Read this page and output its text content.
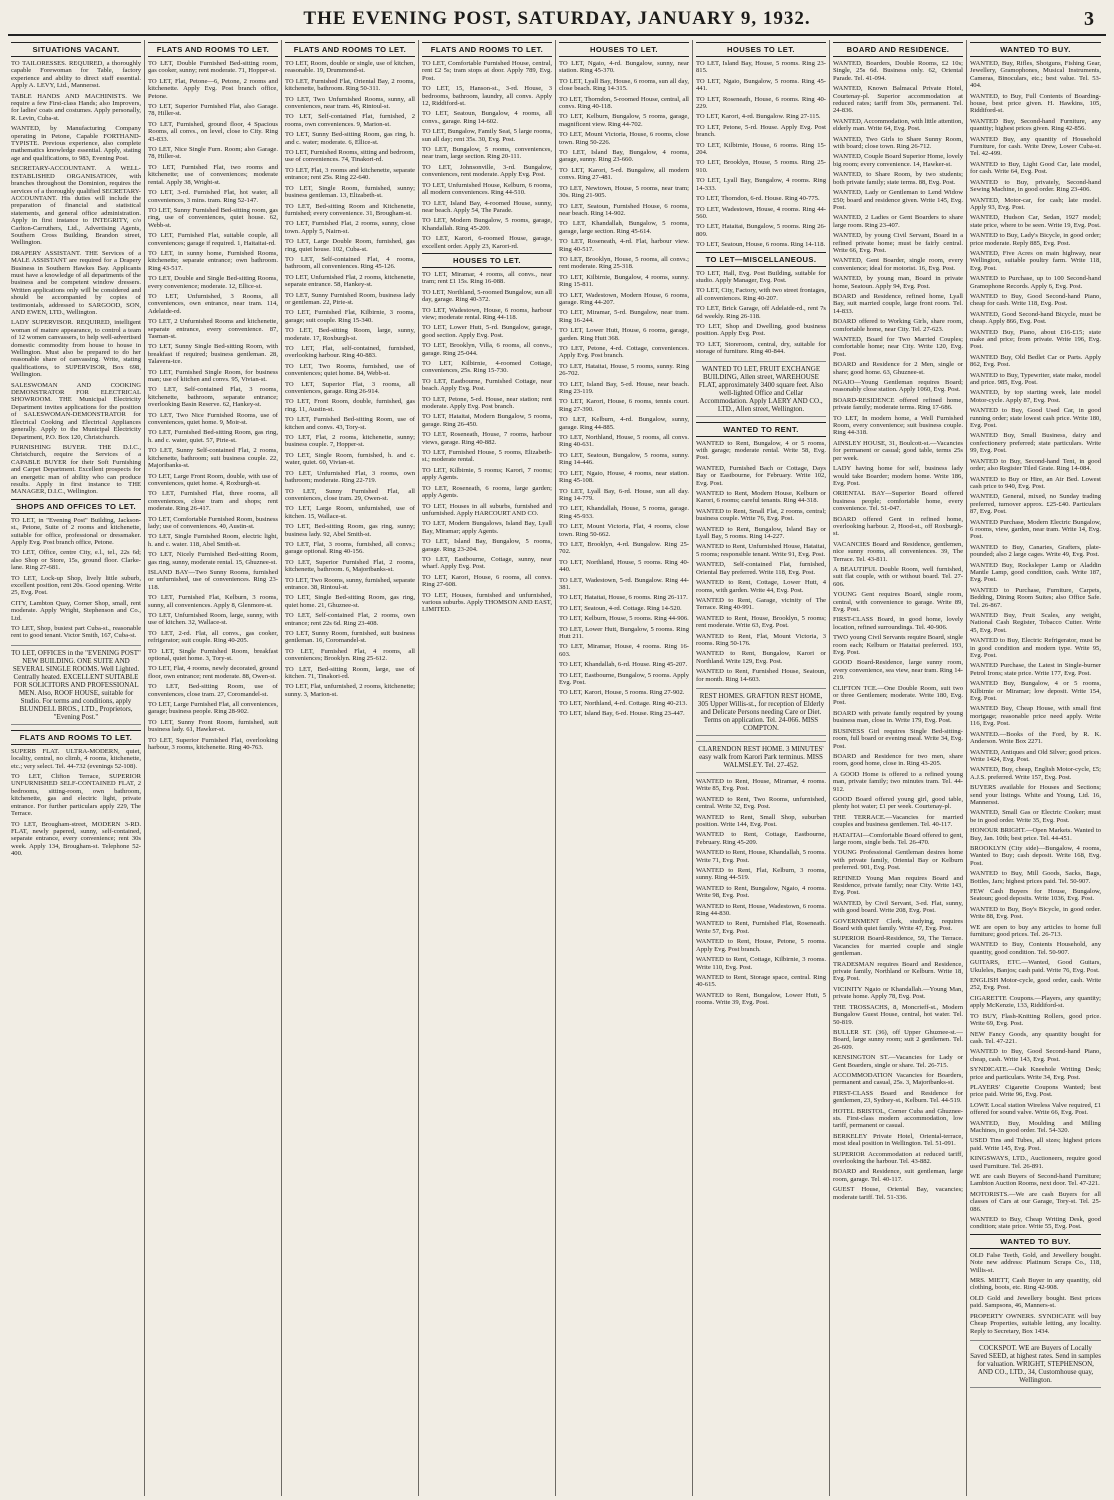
THE EVENING POST, SATURDAY, JANUARY 9, 1932.	3
SITUATIONS VACANT.

TO TAILORESSES. REQUIRED, a thoroughly capable Forewoman for Table, factory experience and ability to direct staff essential. Apply A. LEVY, Ltd., Mannersst.

TABLE HANDS AND MACHINISTS. We require a few First-class Hands; also Improvers, for ladies' coats and costumes. Apply personally, R. Levin, Cuba-st.

WANTED, by Manufacturing Company operating in Petone, Capable FORTHAND-TYPISTE. Previous experience, also complete mathematics knowledge essential. Apply, stating age and qualifications, to 983, Evening Post.

SECRETARY-ACCOUNTANT. A WELL-ESTABLISHED ORGANISATION, with branches throughout the Dominion, requires the services of a thoroughly qualified SECRETARY-ACCOUNTANT. His duties will include the preparation of financial and statistical statements, and general office administration. Apply in first instance to INTEGRITY, c/o Carlton-Carruthers, Ltd., Advertising Agents, Southern Cross Building, Brandon street, Wellington.

DRAPERY ASSISTANT. THE Services of a MALE ASSISTANT are required for a Drapery Business in Southern Hawkes Bay. Applicants must have a knowledge of all departments of the business and be competent window dressers. Written applications only will be considered and should be accompanied by copies of testimonials, addressed to SARGOOD, SON, AND EWEN, LTD., Wellington.

LADY SUPERVISOR. REQUIRED, intelligent woman of mature appearance, to control a team of 12 women canvassers, to help well-advertised domestic commodity from house to house in Wellington. Must also be prepared to do her reasonable share of canvassing. Write, stating qualifications, to SUPERVISOR, Box 698, Wellington.

SALESWOMAN AND COOKING DEMONSTRATOR FOR ELECTRICAL SHOWROOM. THE Municipal Electricity Department invites applications for the position of SALESWOMAN-DEMONSTRATOR for Electrical Cooking and Electrical Appliances generally. Apply to the Municipal Electricity Department, P.O. Box 120, Christchurch.

FURNISHING BUYER. THE D.I.C., Christchurch, require the Services of a CAPABLE BUYER for their Soft Furnishing and Carpet Department. Excellent prospects for an energetic man of ability who can produce results. Apply in first instance to THE MANAGER, D.I.C., Wellington.

SHOPS AND OFFICES TO LET.

TO LET, in "Evening Post" Building, Jackson-st., Petone, Suite of 2 rooms and kitchenette, suitable for office, professional or dressmaker. Apply Evg. Post branch office, Petone.

TO LET, Office, centre City, e.l., tel., 22s 6d; also Shop or Store, 15s, ground floor. Clarke-lane. Ring 27-681.

TO LET, Lock-up Shop, lively little suburb, excellent position, rent 20s. Good opening. Write 25, Evg. Post.

CITY, Lambton Quay, Corner Shop, small, rent moderate. Apply Wright, Stephenson and Co., Ltd.

TO LET, Shop, busiest part Cuba-st., reasonable rent to good tenant. Victor Smith, 167, Cuba-st.

TO LET, OFFICES in the "EVENING POST" NEW BUILDING. ONE SUITE AND SEVERAL SINGLE ROOMS. Well Lighted. Centrally heated. EXCELLENT SUITABLE FOR SOLICITORS AND PROFESSIONAL MEN. Also, ROOF HOUSE, suitable for Studio. For terms and conditions, apply BLUNDELL BROS., LTD., Proprietors, "Evening Post."
FLATS AND ROOMS TO LET.

SUPERB FLAT. ULTRA-MODERN, quiet, locality, central, no climb, 4 rooms, kitchenette, etc.; very select. Tel. 44-732 (evenings 52-108).

TO LET, Clifton Terrace, SUPERIOR UNFURNISHED SELF-CONTAINED FLAT, 2 bedrooms, sitting-room, own bathroom, kitchenette, gas and electric light, private entrance. For further particulars apply 229, The Terrace.

TO LET, Brougham-street, MODERN 3-RD. FLAT, newly papered, sunny, self-contained, separate entrance, every convenience; rent 30s week. Apply 134, Brougham-st. Telephone 52-400.

FLATS AND ROOMS TO LET.

TO LET, Double Furnished Bed-sitting room, gas cooker, sunny; rent moderate. 71, Hopper-st.

TO LET, Flat, Petone—6, Petone, 2 rooms and kitchenette. Apply Evg. Post branch office, Petone.

TO LET, Superior Furnished Flat, also Garage. 78, Hiller-st.

TO LET, Furnished, ground floor, 4 Spacious Rooms, all convs., on level, close to City. Ring 43-833.

TO LET, Nice Single Furn. Room; also Garage. 78, Hiller-st.

TO LET, Furnished Flat, two rooms and kitchenette; use of conveniences; moderate rental. Apply 38, Wright-st.

TO LET, 3-rd. Furnished Flat, hot water, all conveniences, 3 mins. tram. Ring 52-147.

TO LET, Sunny Furnished Bed-sitting room, gas ring, use of conveniences, quiet house. 62, Webb-st.

TO LET, Furnished Flat, suitable couple, all conveniences; garage if required. 1, Haitaitai-rd.

TO LET, in sunny home, Furnished Rooms, kitchenette; separate entrance; own bathroom. Ring 43-517.

TO LET, Double and Single Bed-sitting Rooms, every convenience; moderate. 12, Ellice-st.

TO LET, Unfurnished, 3 Rooms, all conveniences, own entrance, near tram. 114, Adelaide-rd.

TO LET, 2 Unfurnished Rooms and kitchenette, separate entrance, every convenience. 87, Tasman-st.

TO LET, Sunny Single Bed-sitting Room, with breakfast if required; business gentleman. 28, Talavera-tce.

TO LET, Furnished Single Room, for business man; use of kitchen and convs. 95, Vivian-st.

TO LET, Self-contained Flat, 3 rooms, kitchenette, bathroom, separate entrance; overlooking Basin Reserve. 62, Hankey-st.

TO LET, Two Nice Furnished Rooms, use of conveniences, quiet home. 9, Moir-st.

TO LET, Furnished Bed-sitting Room, gas ring, h. and c. water, quiet. 57, Pirie-st.

TO LET, Sunny Self-contained Flat, 2 rooms, kitchenette, bathroom; suit business couple. 22, Majoribanks-st.

TO LET, Large Front Room, double, with use of conveniences, quiet home. 4, Roxburgh-st.

TO LET, Furnished Flat, three rooms, all conveniences, close tram and shops; rent moderate. Ring 26-417.

TO LET, Comfortable Furnished Room, business lady; use of conveniences. 40, Austin-st.

TO LET, Single Furnished Room, electric light, h. and c. water. 118, Abel Smith-st.

TO LET, Nicely Furnished Bed-sitting Room, gas ring, sunny, moderate rental. 15, Ghuznee-st.

ISLAND BAY—Two Sunny Rooms, furnished or unfurnished, use of conveniences. Ring 23-118.

TO LET, Furnished Flat, Kelburn, 3 rooms, sunny, all conveniences. Apply 8, Glenmore-st.

TO LET, Unfurnished Room, large, sunny, with use of kitchen. 32, Wallace-st.

TO LET, 2-rd. Flat, all convs., gas cooker, refrigerator; suit couple. Ring 40-205.

TO LET, Single Furnished Room, breakfast optional, quiet home. 3, Tory-st.

TO LET, Flat, 4 rooms, newly decorated, ground floor, own entrance; rent moderate. 88, Owen-st.

TO LET, Bed-sitting Room, use of conveniences, close tram. 27, Coromandel-st.

TO LET, Large Furnished Flat, all conveniences, garage; business people. Ring 28-902.

TO LET, Sunny Front Room, furnished, suit business lady. 61, Hawker-st.

TO LET, Superior Furnished Flat, overlooking harbour, 3 rooms, kitchenette. Ring 40-763.

FLATS AND ROOMS TO LET.

TO LET, Room, double or single, use of kitchen, reasonable. 19, Drummond-st.

TO LET, Furnished Flat, Oriental Bay, 2 rooms, kitchenette, bathroom. Ring 50-311.

TO LET, Two Unfurnished Rooms, sunny, all conveniences, near tram. 46, Rintoul-st.

TO LET, Self-contained Flat, furnished, 2 rooms, own conveniences. 9, Marion-st.

TO LET, Sunny Bed-sitting Room, gas ring, h. and c. water; moderate. 6, Ellice-st.

TO LET, Furnished Rooms, sitting and bedroom, use of conveniences. 74, Tinakori-rd.

TO LET, Flat, 3 rooms and kitchenette, separate entrance; rent 25s. Ring 22-640.

TO LET, Single Room, furnished, sunny; business gentleman. 13, Elizabeth-st.

TO LET, Bed-sitting Room and Kitchenette, furnished; every convenience. 31, Brougham-st.

TO LET, Furnished Flat, 2 rooms, sunny, close town. Apply 5, Nairn-st.

TO LET, Large Double Room, furnished, gas ring, quiet house. 102, Cuba-st.

TO LET, Self-contained Flat, 4 rooms, bathroom, all conveniences. Ring 45-126.

TO LET, Unfurnished Flat, 2 rooms, kitchenette, separate entrance. 58, Hankey-st.

TO LET, Sunny Furnished Room, business lady or gentleman. 22, Pirie-st.

TO LET, Furnished Flat, Kilbirnie, 3 rooms, garage; suit couple. Ring 15-340.

TO LET, Bed-sitting Room, large, sunny, moderate. 17, Roxburgh-st.

TO LET, Flat, self-contained, furnished, overlooking harbour. Ring 40-883.

TO LET, Two Rooms, furnished, use of conveniences; quiet home. 84, Webb-st.

TO LET, Superior Flat, 3 rooms, all conveniences, garage. Ring 26-914.

TO LET, Front Room, double, furnished, gas ring. 11, Austin-st.

TO LET, Furnished Bed-sitting Room, use of kitchen and convs. 43, Tory-st.

TO LET, Flat, 2 rooms, kitchenette, sunny; business couple. 7, Hopper-st.

TO LET, Single Room, furnished, h. and c. water, quiet. 60, Vivian-st.

TO LET, Unfurnished Flat, 3 rooms, own bathroom; moderate. Ring 22-719.

TO LET, Sunny Furnished Flat, all conveniences, close tram. 29, Owen-st.

TO LET, Large Room, unfurnished, use of kitchen. 15, Wallace-st.

TO LET, Bed-sitting Room, gas ring, sunny; business lady. 92, Abel Smith-st.

TO LET, Flat, 3 rooms, furnished, all convs.; garage optional. Ring 40-156.

TO LET, Superior Furnished Flat, 2 rooms, kitchenette, bathroom. 6, Majoribanks-st.

TO LET, Two Rooms, sunny, furnished, separate entrance. 38, Rintoul-st.

TO LET, Single Bed-sitting Room, gas ring, quiet home. 21, Ghuznee-st.

TO LET, Self-contained Flat, 2 rooms, own entrance; rent 22s 6d. Ring 23-408.

TO LET, Sunny Room, furnished, suit business gentleman. 16, Coromandel-st.

TO LET, Furnished Flat, 4 rooms, all conveniences; Brooklyn. Ring 25-612.

TO LET, Bed-sitting Room, large, use of kitchen. 71, Tinakori-rd.

TO LET, Flat, unfurnished, 2 rooms, kitchenette; sunny. 3, Marion-st.

FLATS AND ROOMS TO LET.

TO LET, Comfortable Furnished House, central, rent £2 5s; tram stops at door. Apply 789, Evg. Post.

TO LET, 15, Hanson-st., 3-rd. House, 3 bedrooms, bathroom, laundry, all convs. Apply 12, Riddiford-st.

TO LET, Seatoun, Bungalow, 4 rooms, all convs., garage. Ring 14-602.

TO LET, Bungalow, Family Seat, 5 large rooms, sun all day; rent 35s. 30, Evg. Post.

TO LET, Bungalow, 5 rooms, conveniences, near tram, large section. Ring 20-111.

TO LET, Johnsonville, 3-rd. Bungalow, conveniences, rent moderate. Apply Evg. Post.

TO LET, Unfurnished House, Kelburn, 6 rooms, all modern conveniences. Ring 44-510.

TO LET, Island Bay, 4-roomed House, sunny, near beach. Apply 54, The Parade.

TO LET, Modern Bungalow, 5 rooms, garage, Khandallah. Ring 45-209.

TO LET, Karori, 6-roomed House, garage, excellent order. Apply 23, Karori-rd.

HOUSES TO LET.

TO LET, Miramar, 4 rooms, all convs., near tram; rent £1 15s. Ring 16-088.

TO LET, Northland, 5-roomed Bungalow, sun all day, garage. Ring 40-372.

TO LET, Wadestown, House, 6 rooms, harbour view; moderate rental. Ring 44-118.

TO LET, Lower Hutt, 5-rd. Bungalow, garage, good section. Apply Evg. Post.

TO LET, Brooklyn, Villa, 6 rooms, all convs., garage. Ring 25-044.

TO LET, Kilbirnie, 4-roomed Cottage, conveniences, 25s. Ring 15-730.

TO LET, Eastbourne, Furnished Cottage, near beach. Apply Evg. Post.

TO LET, Petone, 5-rd. House, near station; rent moderate. Apply Evg. Post branch.

TO LET, Hataitai, Modern Bungalow, 5 rooms, garage. Ring 26-450.

TO LET, Roseneath, House, 7 rooms, harbour views, garage. Ring 40-882.

TO LET, Furnished House, 5 rooms, Elizabeth-st.; moderate rental.

TO LET, Kilbirnie, 5 rooms; Karori, 7 rooms; apply Agents.

TO LET, Roseneath, 6 rooms, large garden; apply Agents.

TO LET, Houses in all suburbs, furnished and unfurnished. Apply HARCOURT AND CO.

TO LET, Modern Bungalows, Island Bay, Lyall Bay, Miramar; apply Agents.

TO LET, Island Bay, Bungalow, 5 rooms, garage. Ring 23-204.

TO LET, Eastbourne, Cottage, sunny, near wharf. Apply Evg. Post.

TO LET, Karori, House, 6 rooms, all convs. Ring 27-608.

TO LET, Houses, furnished and unfurnished, various suburbs. Apply THOMSON AND EAST, LIMITED.

HOUSES TO LET.

TO LET, Ngaio, 4-rd. Bungalow, sunny, near station. Ring 45-370.

TO LET, Lyall Bay, House, 6 rooms, sun all day, close beach. Ring 14-315.

TO LET, Thorndon, 5-roomed House, central, all convs. Ring 40-118.

TO LET, Kelburn, Bungalow, 5 rooms, garage, magnificent view. Ring 44-702.

TO LET, Mount Victoria, House, 6 rooms, close town. Ring 50-226.

TO LET, Island Bay, Bungalow, 4 rooms, garage, sunny. Ring 23-660.

TO LET, Karori, 5-rd. Bungalow, all modern convs. Ring 27-481.

TO LET, Newtown, House, 5 rooms, near tram; 30s. Ring 21-905.

TO LET, Seatoun, Furnished House, 6 rooms, near beach. Ring 14-902.

TO LET, Khandallah, Bungalow, 5 rooms, garage, large section. Ring 45-614.

TO LET, Roseneath, 4-rd. Flat, harbour view. Ring 40-517.

TO LET, Brooklyn, House, 5 rooms, all convs.; rent moderate. Ring 25-318.

TO LET, Kilbirnie, Bungalow, 4 rooms, sunny. Ring 15-811.

TO LET, Wadestown, Modern House, 6 rooms, garage. Ring 44-207.

TO LET, Miramar, 5-rd. Bungalow, near tram. Ring 16-244.

TO LET, Lower Hutt, House, 6 rooms, garage, garden. Ring Hutt 368.

TO LET, Petone, 4-rd. Cottage, conveniences. Apply Evg. Post branch.

TO LET, Hataitai, House, 5 rooms, sunny. Ring 26-702.

TO LET, Island Bay, 5-rd. House, near beach. Ring 23-119.

TO LET, Karori, House, 6 rooms, tennis court. Ring 27-390.

TO LET, Kelburn, 4-rd. Bungalow, sunny, garage. Ring 44-885.

TO LET, Northland, House, 5 rooms, all convs. Ring 40-631.

TO LET, Seatoun, Bungalow, 5 rooms, sunny. Ring 14-446.

TO LET, Ngaio, House, 4 rooms, near station. Ring 45-108.

TO LET, Lyall Bay, 6-rd. House, sun all day. Ring 14-779.

TO LET, Khandallah, House, 5 rooms, garage. Ring 45-933.

TO LET, Mount Victoria, Flat, 4 rooms, close town. Ring 50-662.

TO LET, Brooklyn, 4-rd. Bungalow. Ring 25-702.

TO LET, Northland, House, 5 rooms. Ring 40-440.

TO LET, Wadestown, 5-rd. Bungalow. Ring 44-381.

TO LET, Hataitai, House, 6 rooms. Ring 26-117.

TO LET, Seatoun, 4-rd. Cottage. Ring 14-520.

TO LET, Kelburn, House, 5 rooms. Ring 44-906.

TO LET, Lower Hutt, Bungalow, 5 rooms. Ring Hutt 211.

TO LET, Miramar, House, 4 rooms. Ring 16-603.

TO LET, Khandallah, 6-rd. House. Ring 45-207.

TO LET, Eastbourne, Bungalow, 5 rooms. Apply Evg. Post.

TO LET, Karori, House, 5 rooms. Ring 27-902.

TO LET, Northland, 4-rd. Cottage. Ring 40-213.

TO LET, Island Bay, 6-rd. House. Ring 23-447.

HOUSES TO LET.

TO LET, Island Bay, House, 5 rooms. Ring 23-815.

TO LET, Ngaio, Bungalow, 5 rooms. Ring 45-441.

TO LET, Roseneath, House, 6 rooms. Ring 40-229.

TO LET, Karori, 4-rd. Bungalow. Ring 27-115.

TO LET, Petone, 5-rd. House. Apply Evg. Post branch.

TO LET, Kilbirnie, House, 6 rooms. Ring 15-204.

TO LET, Brooklyn, House, 5 rooms. Ring 25-910.

TO LET, Lyall Bay, Bungalow, 4 rooms. Ring 14-333.

TO LET, Thorndon, 6-rd. House. Ring 40-775.

TO LET, Wadestown, House, 4 rooms. Ring 44-560.

TO LET, Hataitai, Bungalow, 5 rooms. Ring 26-809.

TO LET, Seatoun, House, 6 rooms. Ring 14-118.

TO LET—MISCELLANEOUS.

TO LET, Hall, Evg. Post Building, suitable for studio. Apply Manager, Evg. Post.

TO LET, City, Factory, with two street frontages, all conveniences. Ring 40-207.

TO LET, Brick Garage, off Adelaide-rd., rent 7s 6d weekly. Ring 26-118.

TO LET, Shop and Dwelling, good business position. Apply Evg. Post.

TO LET, Storeroom, central, dry, suitable for storage of furniture. Ring 40-844.

WANTED TO LET, FRUIT EXCHANGE BUILDING, Allen street, WAREHOUSE FLAT, approximately 3400 square feet. Also well-lighted Office and Cellar Accommodation. Apply LAERY AND CO., LTD., Allen street, Wellington.
WANTED TO RENT.

WANTED to Rent, Bungalow, 4 or 5 rooms, with garage; moderate rental. Write 58, Evg. Post.

WANTED, Furnished Bach or Cottage, Days Bay or Eastbourne, for February. Write 102, Evg. Post.

WANTED to Rent, Modern House, Kelburn or Karori, 6 rooms; careful tenants. Ring 44-318.

WANTED to Rent, Small Flat, 2 rooms, central; business couple. Write 76, Evg. Post.

WANTED to Rent, Bungalow, Island Bay or Lyall Bay, 5 rooms. Ring 14-227.

WANTED to Rent, Unfurnished House, Hataitai, 5 rooms; responsible tenant. Write 91, Evg. Post.

WANTED, Self-contained Flat, furnished, Oriental Bay preferred. Write 118, Evg. Post.

WANTED to Rent, Cottage, Lower Hutt, 4 rooms, with garden. Write 44, Evg. Post.

WANTED to Rent, Garage, vicinity of The Terrace. Ring 40-991.

WANTED to Rent, House, Brooklyn, 5 rooms; rent moderate. Write 63, Evg. Post.

WANTED to Rent, Flat, Mount Victoria, 3 rooms. Ring 50-176.

WANTED to Rent, Bungalow, Karori or Northland. Write 129, Evg. Post.

WANTED to Rent, Furnished House, Seatoun, for month. Ring 14-603.

REST HOMES. GRAFTON REST HOME, 305 Upper Willis-st., for reception of Elderly and Delicate Persons needing Care or Diet. Terms on application. Tel. 24-066. MISS COMPTON.
CLARENDON REST HOME. 3 MINUTES' easy walk from Karori Park terminus. MISS WALMSLEY. Tel. 27-452.

WANTED to Rent, House, Miramar, 4 rooms. Write 85, Evg. Post.

WANTED to Rent, Two Rooms, unfurnished, central. Write 32, Evg. Post.

WANTED to Rent, Small Shop, suburban position. Write 144, Evg. Post.

WANTED to Rent, Cottage, Eastbourne, February. Ring 45-209.

WANTED to Rent, House, Khandallah, 5 rooms. Write 71, Evg. Post.

WANTED to Rent, Flat, Kelburn, 3 rooms, sunny. Ring 44-519.

WANTED to Rent, Bungalow, Ngaio, 4 rooms. Write 98, Evg. Post.

WANTED to Rent, House, Wadestown, 6 rooms. Ring 44-830.

WANTED to Rent, Furnished Flat, Roseneath. Write 57, Evg. Post.

WANTED to Rent, House, Petone, 5 rooms. Apply Evg. Post branch.

WANTED to Rent, Cottage, Kilbirnie, 3 rooms. Write 110, Evg. Post.

WANTED to Rent, Storage space, central. Ring 40-615.

WANTED to Rent, Bungalow, Lower Hutt, 5 rooms. Write 39, Evg. Post.

BOARD AND RESIDENCE.

WANTED, Boarders, Double Rooms, £2 10s; Single, 25s 6d. Business only. 62, Oriental Parade. Tel. 41-094.

WANTED, Known Balmacal Private Hotel, Courtenay-pl. Superior accommodation at reduced rates; tariff from 30s, permanent. Tel. 24-836.

WANTED, Accommodation, with little attention, elderly man. Write 64, Evg. Post.

WANTED, Two Girls to Share Sunny Room, with board; close town. Ring 26-712.

WANTED, Couple Board Superior Home, lovely big room; every convenience. 14, Hawker-st.

WANTED, to Share Room, by two students; both private family; state terms. 88, Evg. Post.

WANTED, Lady or Gentleman to Lend Widow £50; board and residence given. Write 145, Evg. Post.

WANTED, 2 Ladies or Gent Boarders to share large room. Ring 23-407.

WANTED, by young Civil Servant, Board in a refined private home; must be fairly central. Write 66, Evg. Post.

WANTED, Gent Boarder, single room, every convenience; ideal for motorist. 16, Evg. Post.

WANTED, by young man, Board in private home, Seatoun. Apply 94, Evg. Post.

BOARD and Residence, refined home, Lyall Bay, suit married couple, large front room. Tel. 14-833.

BOARD offered to Working Girls, share room, comfortable home, near City. Tel. 27-623.

WANTED, Board for Two Married Couples; comfortable home; near City. Write 120, Evg. Post.

BOARD and Residence for 2 Men, single or share; good home. 63, Ghuznee-st.

NGAIO—Young Gentleman requires Board; reasonably close station. Apply 1060, Evg. Post.

BOARD-RESIDENCE offered refined home, private family; moderate terms. Ring 17-686.

TO LET, In modern home, a Well Furnished Room, every convenience; suit business couple. Ring 44-318.

AINSLEY HOUSE, 31, Boulcott-st.—Vacancies for permanent or casual; good table, terms 25s per week.

LADY having home for self, business lady would take Boarder; modern home. Write 186, Evg. Post.

ORIENTAL BAY—Superior Board offered business people; comfortable home, every convenience. Tel. 51-047.

BOARD offered Gent in refined home, overlooking harbour. 2, Hood-st., off Roxburgh-st.

VACANCIES Board and Residence, gentlemen, nice sunny rooms, all conveniences. 39, The Terrace. Tel. 43-811.

A BEAUTIFUL Double Room, well furnished, suit flat couple, with or without board. Tel. 27-606.

YOUNG Gent requires Board, single room, central, with convenience to garage. Write 89, Evg. Post.

FIRST-CLASS Board, in good home, lovely location, refined surroundings. Tel. 40-906.

TWO young Civil Servants require Board, single room each; Kelburn or Hataitai preferred. 193, Evg. Post.

GOOD Board-Residence, large sunny room, every convenience, sea view, near tram. Ring 14-219.

CLIFTON TCE.—One Double Room, suit two or three Gentlemen; moderate. Write 180, Evg. Post.

BOARD with private family required by young business man, close in. Write 179, Evg. Post.

BUSINESS Girl requires Single Bed-sitting-room, full board or evening meal. Write 34, Evg. Post.

BOARD and Residence for two men, share room, good home, close in. Ring 43-205.

A GOOD Home is offered to a refined young man, private family; two minutes tram. Tel. 44-912.

GOOD Board offered young girl, good table, plenty hot water; £1 per week. Courtenay-pl.

THE TERRACE.—Vacancies for married couples and business gentlemen. Tel. 40-117.

HATAITAI—Comfortable Board offered to gent, large room, single beds. Tel. 26-470.

YOUNG Professional Gentleman desires home with private family, Oriental Bay or Kelburn preferred. 901, Evg. Post.

REFINED Young Man requires Board and Residence, private family; near City. Write 143, Evg. Post.

WANTED, by Civil Servant, 3-rd. Flat, sunny, with good board. Write 208, Evg. Post.

GOVERNMENT Clerk, studying, requires Board with quiet family. Write 47, Evg. Post.

SUPERIOR Board-Residence, 59, The Terrace. Vacancies for married couple and single gentleman.

TRADESMAN requires Board and Residence, private family, Northland or Kelburn. Write 18, Evg. Post.

VICINITY Ngaio or Khandallah.—Young Man, private home. Apply 78, Evg. Post.

THE TROSSACHS, 8, Moncrieff-st., Modern Bungalow Guest House, central, hot water. Tel. 50-819.

BULLER ST. (36), off Upper Ghuznee-st.—Board, large sunny room; suit 2 gentlemen. Tel. 26-609.

KENSINGTON ST.—Vacancies for Lady or Gent Boarders, single or share. Tel. 26-715.

ACCOMMODATION Vacancies for Boarders, permanent and casual, 25s. 3, Majoribanks-st.

FIRST-CLASS Board and Residence for gentlemen, 23, Sydney-st., Kelburn. Tel. 44-519.

HOTEL BRISTOL, Corner Cuba and Ghuznee-sts. First-class modern accommodation, low tariff, permanent or casual.

BERKELEY Private Hotel, Oriental-terrace, most ideal position in Wellington. Tel. 51-091.

SUPERIOR Accommodation at reduced tariff, overlooking the harbour. Tel. 43-882.

BOARD and Residence, suit gentleman, large room, garage. Tel. 40-117.

GUEST House, Oriental Bay, vacancies; moderate tariff. Tel. 51-336.

WANTED TO BUY.

WANTED, Buy, Rifles, Shotguns, Fishing Gear, Jewellery, Gramophones, Musical Instruments, Cameras, Binoculars, etc.; best value. Tel. 53-404.

WANTED, to Buy, Full Contents of Boarding-house, best price given. H. Hawkins, 105, Riddiford-st.

WANTED Buy, Second-hand Furniture, any quantity; highest prices given. Ring 42-856.

WANTED Buy, any quantity of Household Furniture, for cash. Write Drew, Lower Cuba-st. Tel. 42-499.

WANTED to Buy, Light Good Car, late model, for cash. Write 64, Evg. Post.

WANTED to Buy, privately, Second-hand Sewing Machine, in good order. Ring 23-406.

WANTED, Motor-car, for cash; late model. Apply 93, Evg. Post.

WANTED, Hudson Car, Sedan, 1927 model; state price, where to be seen. Write 19, Evg. Post.

WANTED to Buy, Lady's Bicycle, in good order; price moderate. Reply 885, Evg. Post.

WANTED, Five Acres on main highway, near Wellington, suitable poultry farm. Write 118, Evg. Post.

WANTED to Purchase, up to 100 Second-hand Gramophone Records. Apply 6, Evg. Post.

WANTED to Buy, Good Second-hand Piano, cheap for cash. Write 118, Evg. Post.

WANTED, Good Second-hand Bicycle, must be cheap. Apply 866, Evg. Post.

WANTED Buy, Piano, about £16-£15; state make and price; from private. Write 196, Evg. Post.

WANTED Buy, Old Bedlet Car or Parts. Apply 862, Evg. Post.

WANTED to Buy, Typewriter, state make, model and price. 985, Evg. Post.

WANTED, by top starting week, late model Motor-cycle. Apply 87, Evg. Post.

WANTED to Buy, Good Used Car, in good running order; state lowest cash price. Write 180, Evg. Post.

WANTED Buy, Small Business, dairy and confectionery preferred; state particulars. Write 99, Evg. Post.

WANTED to Buy, Second-hand Tent, in good order; also Register Tiled Grate. Ring 14-084.

WANTED to Buy or Hire, an Air Bed. Lowest cash price to 940, Evg. Post.

WANTED, General, mixed, no Sunday trading preferred, turnover approx. £25-£40. Particulars 87, Evg. Post.

WANTED Purchase, Modern Electric Bungalow, 6 rooms, view, garden, near tram. Write 14, Evg. Post.

WANTED to Buy, Canaries, Grafters, plate-pounded; also 2 large cages. Write 49, Evg. Post.

WANTED Buy, Rocksleper Lamp or Aladdin Mantle Lamp, good condition, cash. Write 187, Evg. Post.

WANTED to Purchase, Furniture, Carpets, Bedding, Dining Room Suites; also Office Safe. Tel. 26-867.

WANTED Buy, Fruit Scales, any weight, National Cash Register, Tobacco Cutter. Write 45, Evg. Post.

WANTED to Buy, Electric Refrigerator, must be in good condition and modern type. Write 95, Evg. Post.

WANTED Purchase, the Latest in Single-burner Petrol Irons; state price. Write 177, Evg. Post.

WANTED Buy, Bungalow, 4 or 5 rooms, Kilbirnie or Miramar; low deposit. Write 154, Evg. Post.

WANTED Buy, Cheap House, with small first mortgage; reasonable price need apply. Write 116, Evg. Post.

WANTED.—Books of the Ford, by R. K. Anderson. Write Box 2271.

WANTED, Antiques and Old Silver; good prices. Write 1424, Evg. Post.

WANTED, Buy, cheap, English Motor-cycle, £5; A.J.S. preferred. Write 157, Evg. Post.

BUYERS available for Houses and Sections; send your listings. White and Young, Ltd. 16, Mannersst.

WANTED, Small Gas or Electric Cooker; must be in good order. Write 35, Evg. Post.

HONOUR BRIGHT.—Open Markets. Wanted to Buy, Jan. 10th; best price. Tel. 44-451.

BROOKLYN (City side)—Bungalow, 4 rooms, Wanted to Buy; cash deposit. Write 168, Evg. Post.

WANTED to Buy, Mill Goods, Sacks, Bags, Bottles, Jars; highest prices paid. Tel. 50-907.

FEW Cash Buyers for House, Bungalow, Seatoun; good deposits. Write 1036, Evg. Post.

WANTED to Buy, Boy's Bicycle, in good order. Write 88, Evg. Post.

WE are open to buy any articles to home full furniture; good prices. Tel. 26-713.

WANTED to Buy, Contents Household, any quantity, good condition. Tel. 50-907.

GUITARS, ETC.—Wanted, Good Guitars, Ukuleles, Banjos; cash paid. Write 76, Evg. Post.

ENGLISH Motor-cycle, good order, cash. Write 252, Evg. Post.

CIGARETTE Coupons.—Players, any quantity; apply McKenzie, 133, Riddiford-st.

TO BUY, Flash-Knitting Rollers, good price. Write 69, Evg. Post.

NEW Fancy Goods, any quantity bought for cash. Tel. 47-221.

WANTED to Buy, Good Second-hand Piano, cheap, cash. Write 143, Evg. Post.

SYNDICATE.—Oak Kneehole Writing Desk; price and particulars. Write 34, Evg. Post.

PLAYERS' Cigarette Coupons Wanted; best price paid. Write 96, Evg. Post.

LOWE Local station Wireless Valve required, £1 offered for sound valve. Write 66, Evg. Post.

WANTED, Buy, Moulding and Milling Machines, in good order. Tel. 54-320.

USED Tins and Tubes, all sizes; highest prices paid. Write 145, Evg. Post.

KINGSWAYS, LTD., Auctioneers, require good used Furniture. Tel. 26-891.

WE are cash Buyers of Second-hand Furniture; Lambton Auction Rooms, next door. Tel. 47-221.

MOTORISTS.—We are cash Buyers for all classes of Cars at our Garage, Tory-st. Tel. 25-086.

WANTED to Buy, Cheap Writing Desk, good condition; state price. Write 55, Evg. Post.

WANTED TO BUY.

OLD False Teeth, Gold, and Jewellery bought. Note new address: Platinum Scraps Co., 118, Willis-st.

MRS. MIETT, Cash Buyer in any quantity, old clothing, boots, etc. Ring 42-908.

OLD Gold and Jewellery bought. Best prices paid. Sampsons, 46, Manners-st.

PROPERTY OWNERS. SYNDICATE will buy Cheap Properties, suitable letting, any locality. Reply to Secretary, Box 1434.

COCKSPOT. WE are Buyers of Locally Saved SEED, at highest rates. Send in samples for valuation. WRIGHT, STEPHENSON, AND CO., LTD., 34, Customhouse quay, Wellington.
